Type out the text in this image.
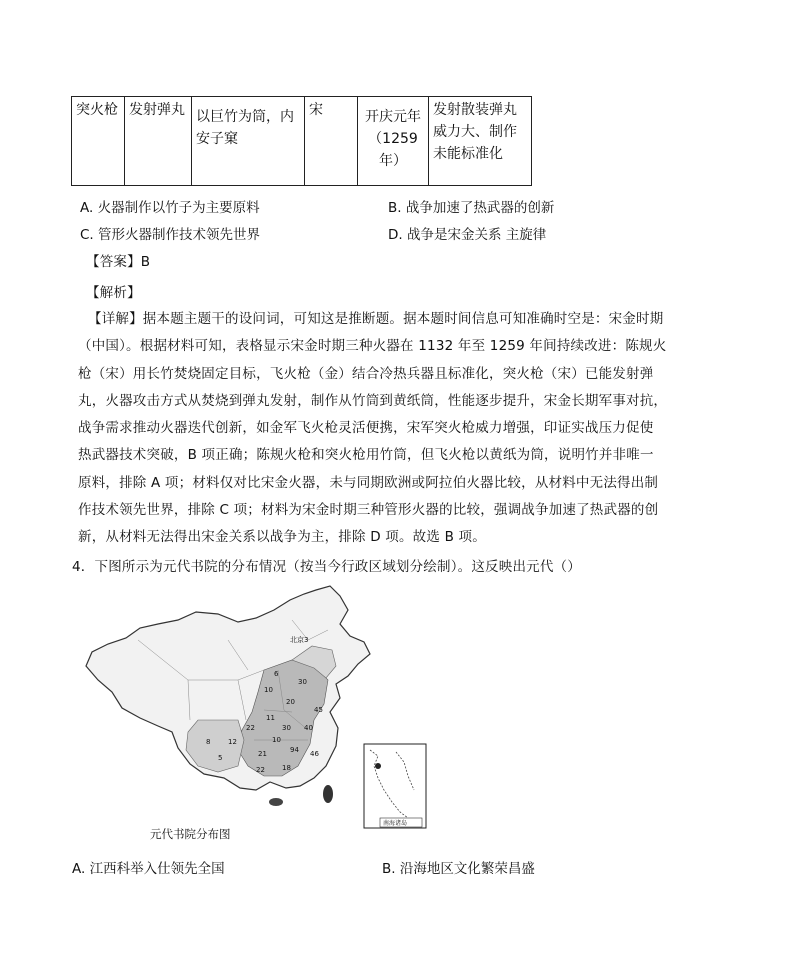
突火枪	发射弹丸	以巨竹为筒，内安子窠	宋	开庆元年（1259 年）	发射散装弹丸威力大、制作未能标准化
A. 火器制作以竹子为主要原料	B. 战争加速了热武器的创新
C. 管形火器制作技术领先世界	D. 战争是宋金关系 主旋律
【答案】B
【解析】
【详解】据本题主题干的设问词，可知这是推断题。据本题时间信息可知准确时空是：宋金时期
（中国）。根据材料可知，表格显示宋金时期三种火器在 1132 年至 1259 年间持续改进：陈规火
枪（宋）用长竹焚烧固定目标，飞火枪（金）结合冷热兵器且标准化，突火枪（宋）已能发射弹
丸，火器攻击方式从焚烧到弹丸发射，制作从竹筒到黄纸筒，性能逐步提升，宋金长期军事对抗，
战争需求推动火器迭代创新，如金军飞火枪灵活便携，宋军突火枪威力增强，印证实战压力促使
热武器技术突破，B 项正确；陈规火枪和突火枪用竹筒，但飞火枪以黄纸为筒，说明竹并非唯一
原料，排除 A 项；材料仅对比宋金火器，未与同期欧洲或阿拉伯火器比较，从材料中无法得出制
作技术领先世界，排除 C 项；材料为宋金时期三种管形火器的比较，强调战争加速了热武器的创
新，从材料无法得出宋金关系以战争为主，排除 D 项。故选 B 项。
4．下图所示为元代书院的分布情况（按当今行政区域划分绘制）。这反映出元代（）
北京3
6
10
30
20
45
40
11
22	30
12
8
94
21
10
46
5
22 18
南海诸岛
元代书院分布图
A. 江西科举入仕领先全国	B. 沿海地区文化繁荣昌盛
